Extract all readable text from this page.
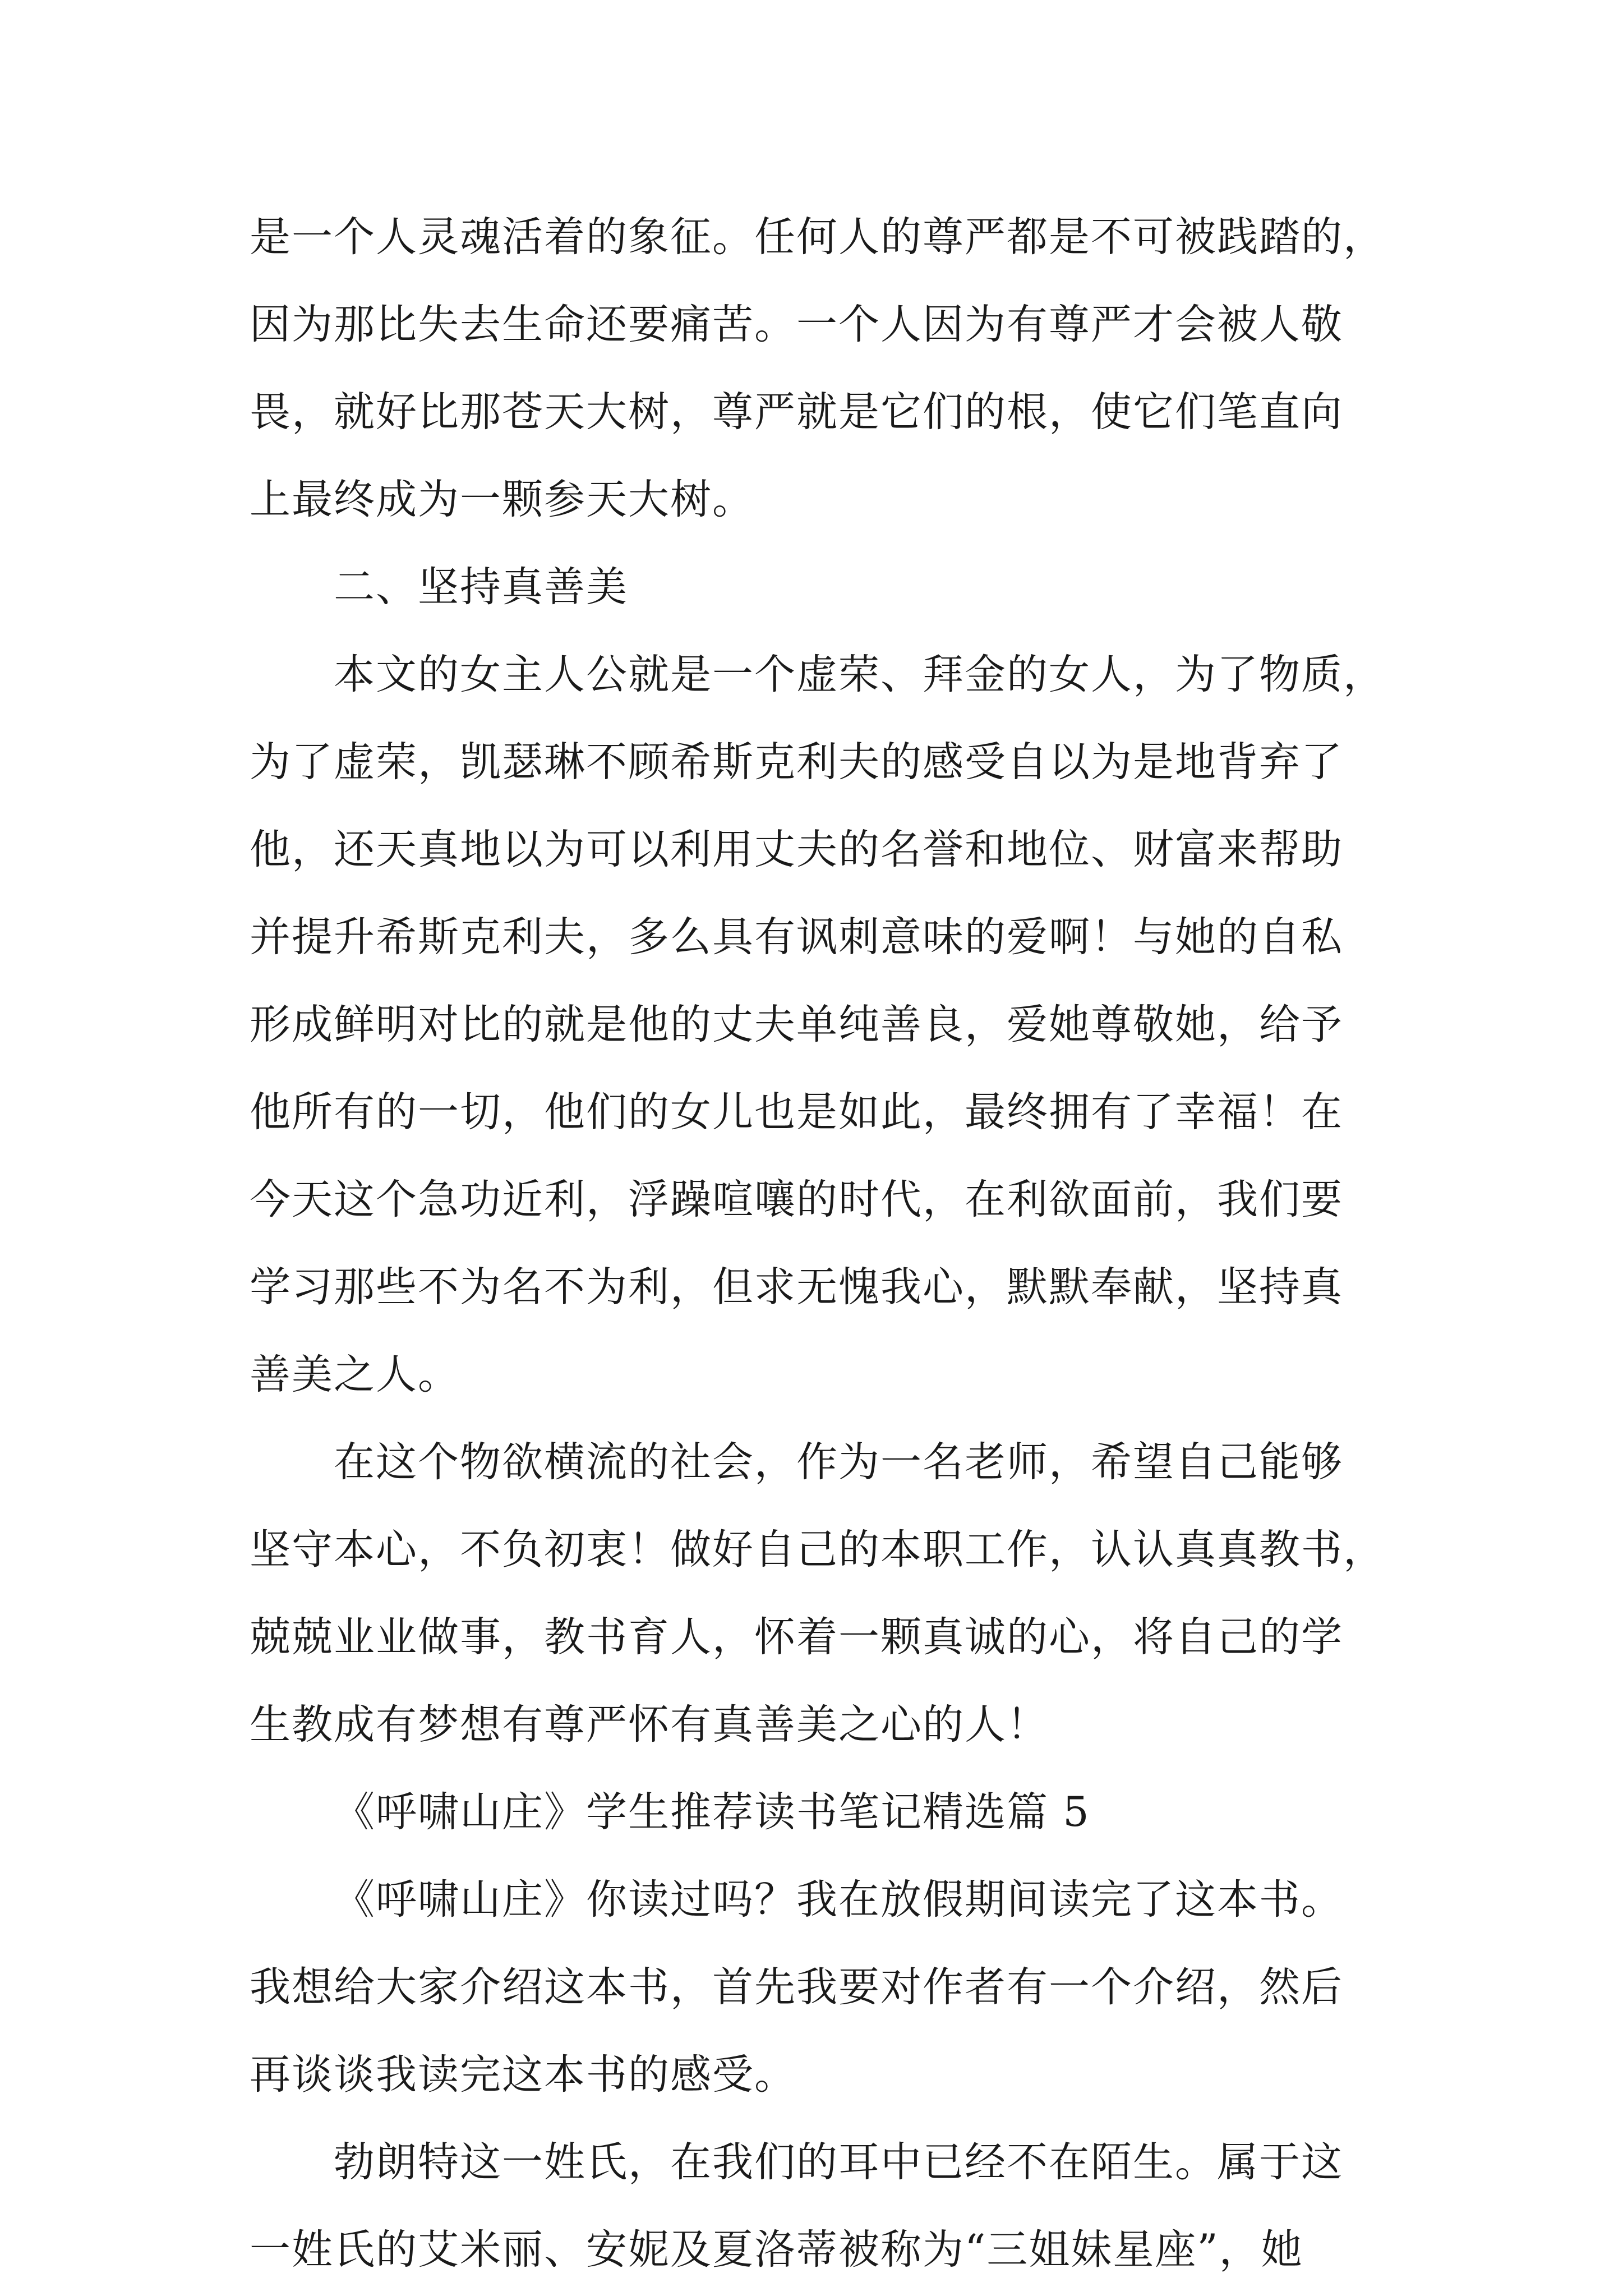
是一个人灵魂活着的象征。任何人的尊严都是不可被践踏的，
因为那比失去生命还要痛苦。一个人因为有尊严才会被人敬
畏，就好比那苍天大树，尊严就是它们的根，使它们笔直向
上最终成为一颗参天大树。
二、坚持真善美
本文的女主人公就是一个虚荣、拜金的女人，为了物质，
为了虚荣，凯瑟琳不顾希斯克利夫的感受自以为是地背弃了
他，还天真地以为可以利用丈夫的名誉和地位、财富来帮助
并提升希斯克利夫，多么具有讽刺意味的爱啊！与她的自私
形成鲜明对比的就是他的丈夫单纯善良，爱她尊敬她，给予
他所有的一切，他们的女儿也是如此，最终拥有了幸福！在
今天这个急功近利，浮躁喧嚷的时代，在利欲面前，我们要
学习那些不为名不为利，但求无愧我心，默默奉献，坚持真
善美之人。
在这个物欲横流的社会，作为一名老师，希望自己能够
坚守本心，不负初衷！做好自己的本职工作，认认真真教书，
兢兢业业做事，教书育人，怀着一颗真诚的心，将自己的学
生教成有梦想有尊严怀有真善美之心的人！
《呼啸山庄》学生推荐读书笔记精选篇 5
《呼啸山庄》你读过吗？我在放假期间读完了这本书。
我想给大家介绍这本书，首先我要对作者有一个介绍，然后
再谈谈我读完这本书的感受。
勃朗特这一姓氏，在我们的耳中已经不在陌生。属于这
一姓氏的艾米丽、安妮及夏洛蒂被称为“三姐妹星座”，她
